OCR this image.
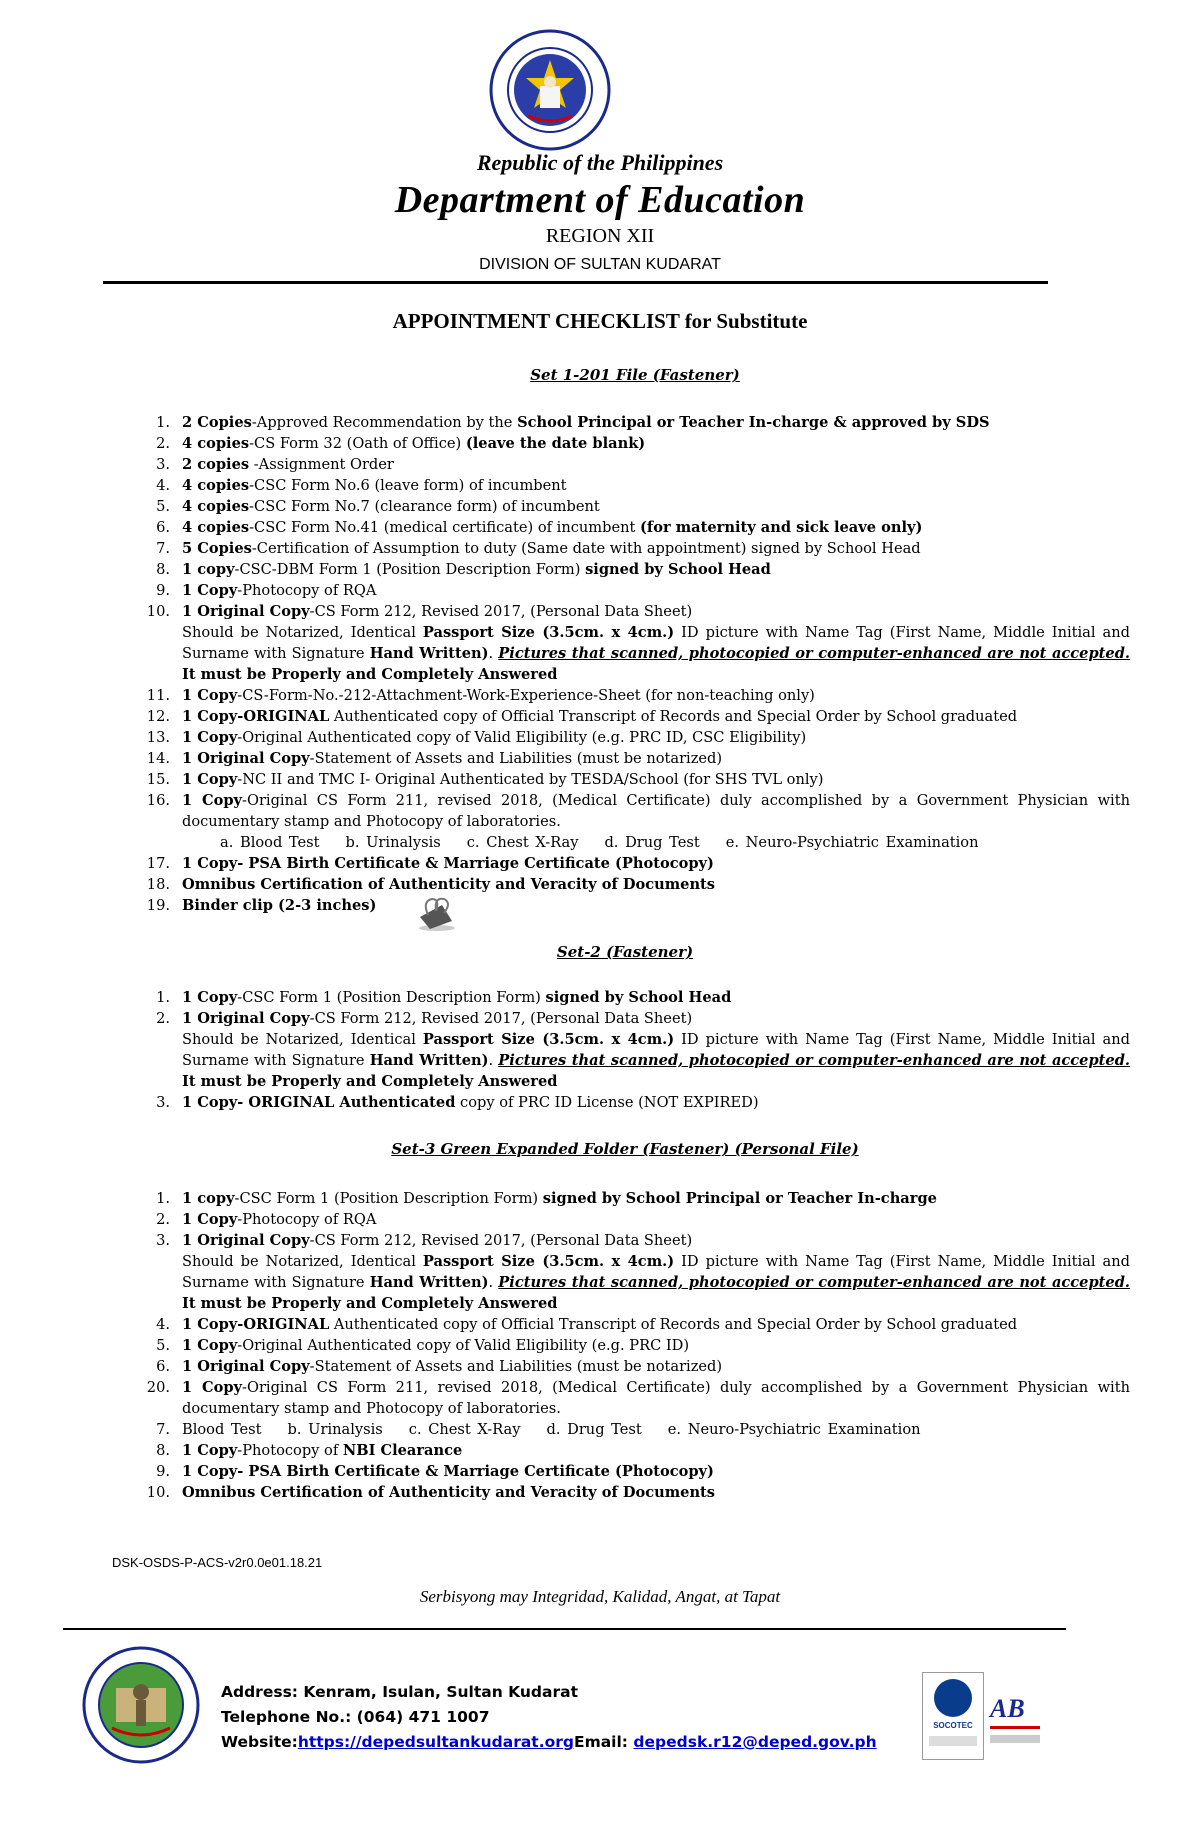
Republic of the Philippines
Department of Education
REGION XII
DIVISION OF SULTAN KUDARAT
APPOINTMENT CHECKLIST for Substitute
Set 1-201 File (Fastener)
1. 2 Copies-Approved Recommendation by the School Principal or Teacher In-charge & approved by SDS
2. 4 copies-CS Form 32 (Oath of Office) (leave the date blank)
3. 2 copies -Assignment Order
4. 4 copies-CSC Form No.6 (leave form) of incumbent
5. 4 copies-CSC Form No.7 (clearance form) of incumbent
6. 4 copies-CSC Form No.41 (medical certificate) of incumbent (for maternity and sick leave only)
7. 5 Copies-Certification of Assumption to duty (Same date with appointment) signed by School Head
8. 1 copy-CSC-DBM Form 1 (Position Description Form) signed by School Head
9. 1 Copy-Photocopy of RQA
10. 1 Original Copy-CS Form 212, Revised 2017, (Personal Data Sheet)
Should be Notarized, Identical Passport Size (3.5cm. x 4cm.) ID picture with Name Tag (First Name, Middle Initial and Surname with Signature Hand Written). Pictures that scanned, photocopied or computer-enhanced are not accepted. It must be Properly and Completely Answered
11. 1 Copy-CS-Form-No.-212-Attachment-Work-Experience-Sheet (for non-teaching only)
12. 1 Copy-ORIGINAL Authenticated copy of Official Transcript of Records and Special Order by School graduated
13. 1 Copy-Original Authenticated copy of Valid Eligibility (e.g. PRC ID, CSC Eligibility)
14. 1 Original Copy-Statement of Assets and Liabilities (must be notarized)
15. 1 Copy-NC II and TMC I- Original Authenticated by TESDA/School (for SHS TVL only)
16. 1 Copy-Original CS Form 211, revised 2018, (Medical Certificate) duly accomplished by a Government Physician with documentary stamp and Photocopy of laboratories.
a. Blood Test b. Urinalysis c. Chest X-Ray d. Drug Test e. Neuro-Psychiatric Examination
17. 1 Copy- PSA Birth Certificate & Marriage Certificate (Photocopy)
18. Omnibus Certification of Authenticity and Veracity of Documents
19. Binder clip (2-3 inches)
Set-2 (Fastener)
1. 1 Copy-CSC Form 1 (Position Description Form) signed by School Head
2. 1 Original Copy-CS Form 212, Revised 2017, (Personal Data Sheet)
Should be Notarized, Identical Passport Size (3.5cm. x 4cm.) ID picture with Name Tag (First Name, Middle Initial and Surname with Signature Hand Written). Pictures that scanned, photocopied or computer-enhanced are not accepted. It must be Properly and Completely Answered
3. 1 Copy- ORIGINAL Authenticated copy of PRC ID License (NOT EXPIRED)
Set-3 Green Expanded Folder (Fastener) (Personal File)
1. 1 copy-CSC Form 1 (Position Description Form) signed by School Principal or Teacher In-charge
2. 1 Copy-Photocopy of RQA
3. 1 Original Copy-CS Form 212, Revised 2017, (Personal Data Sheet)
Should be Notarized, Identical Passport Size (3.5cm. x 4cm.) ID picture with Name Tag (First Name, Middle Initial and Surname with Signature Hand Written). Pictures that scanned, photocopied or computer-enhanced are not accepted. It must be Properly and Completely Answered
4. 1 Copy-ORIGINAL Authenticated copy of Official Transcript of Records and Special Order by School graduated
5. 1 Copy-Original Authenticated copy of Valid Eligibility (e.g. PRC ID)
6. 1 Original Copy-Statement of Assets and Liabilities (must be notarized)
20. 1 Copy-Original CS Form 211, revised 2018, (Medical Certificate) duly accomplished by a Government Physician with documentary stamp and Photocopy of laboratories.
7. Blood Test b. Urinalysis c. Chest X-Ray d. Drug Test e. Neuro-Psychiatric Examination
8. 1 Copy-Photocopy of NBI Clearance
9. 1 Copy- PSA Birth Certificate & Marriage Certificate (Photocopy)
10. Omnibus Certification of Authenticity and Veracity of Documents
DSK-OSDS-P-ACS-v2r0.0e01.18.21
Serbisyong may Integridad, Kalidad, Angat, at Tapat
Address: Kenram, Isulan, Sultan Kudarat
Telephone No.: (064) 471 1007
Website:https://depedsultankudarat.orgEmail: depedsk.r12@deped.gov.ph
SOCOTEC
AB
